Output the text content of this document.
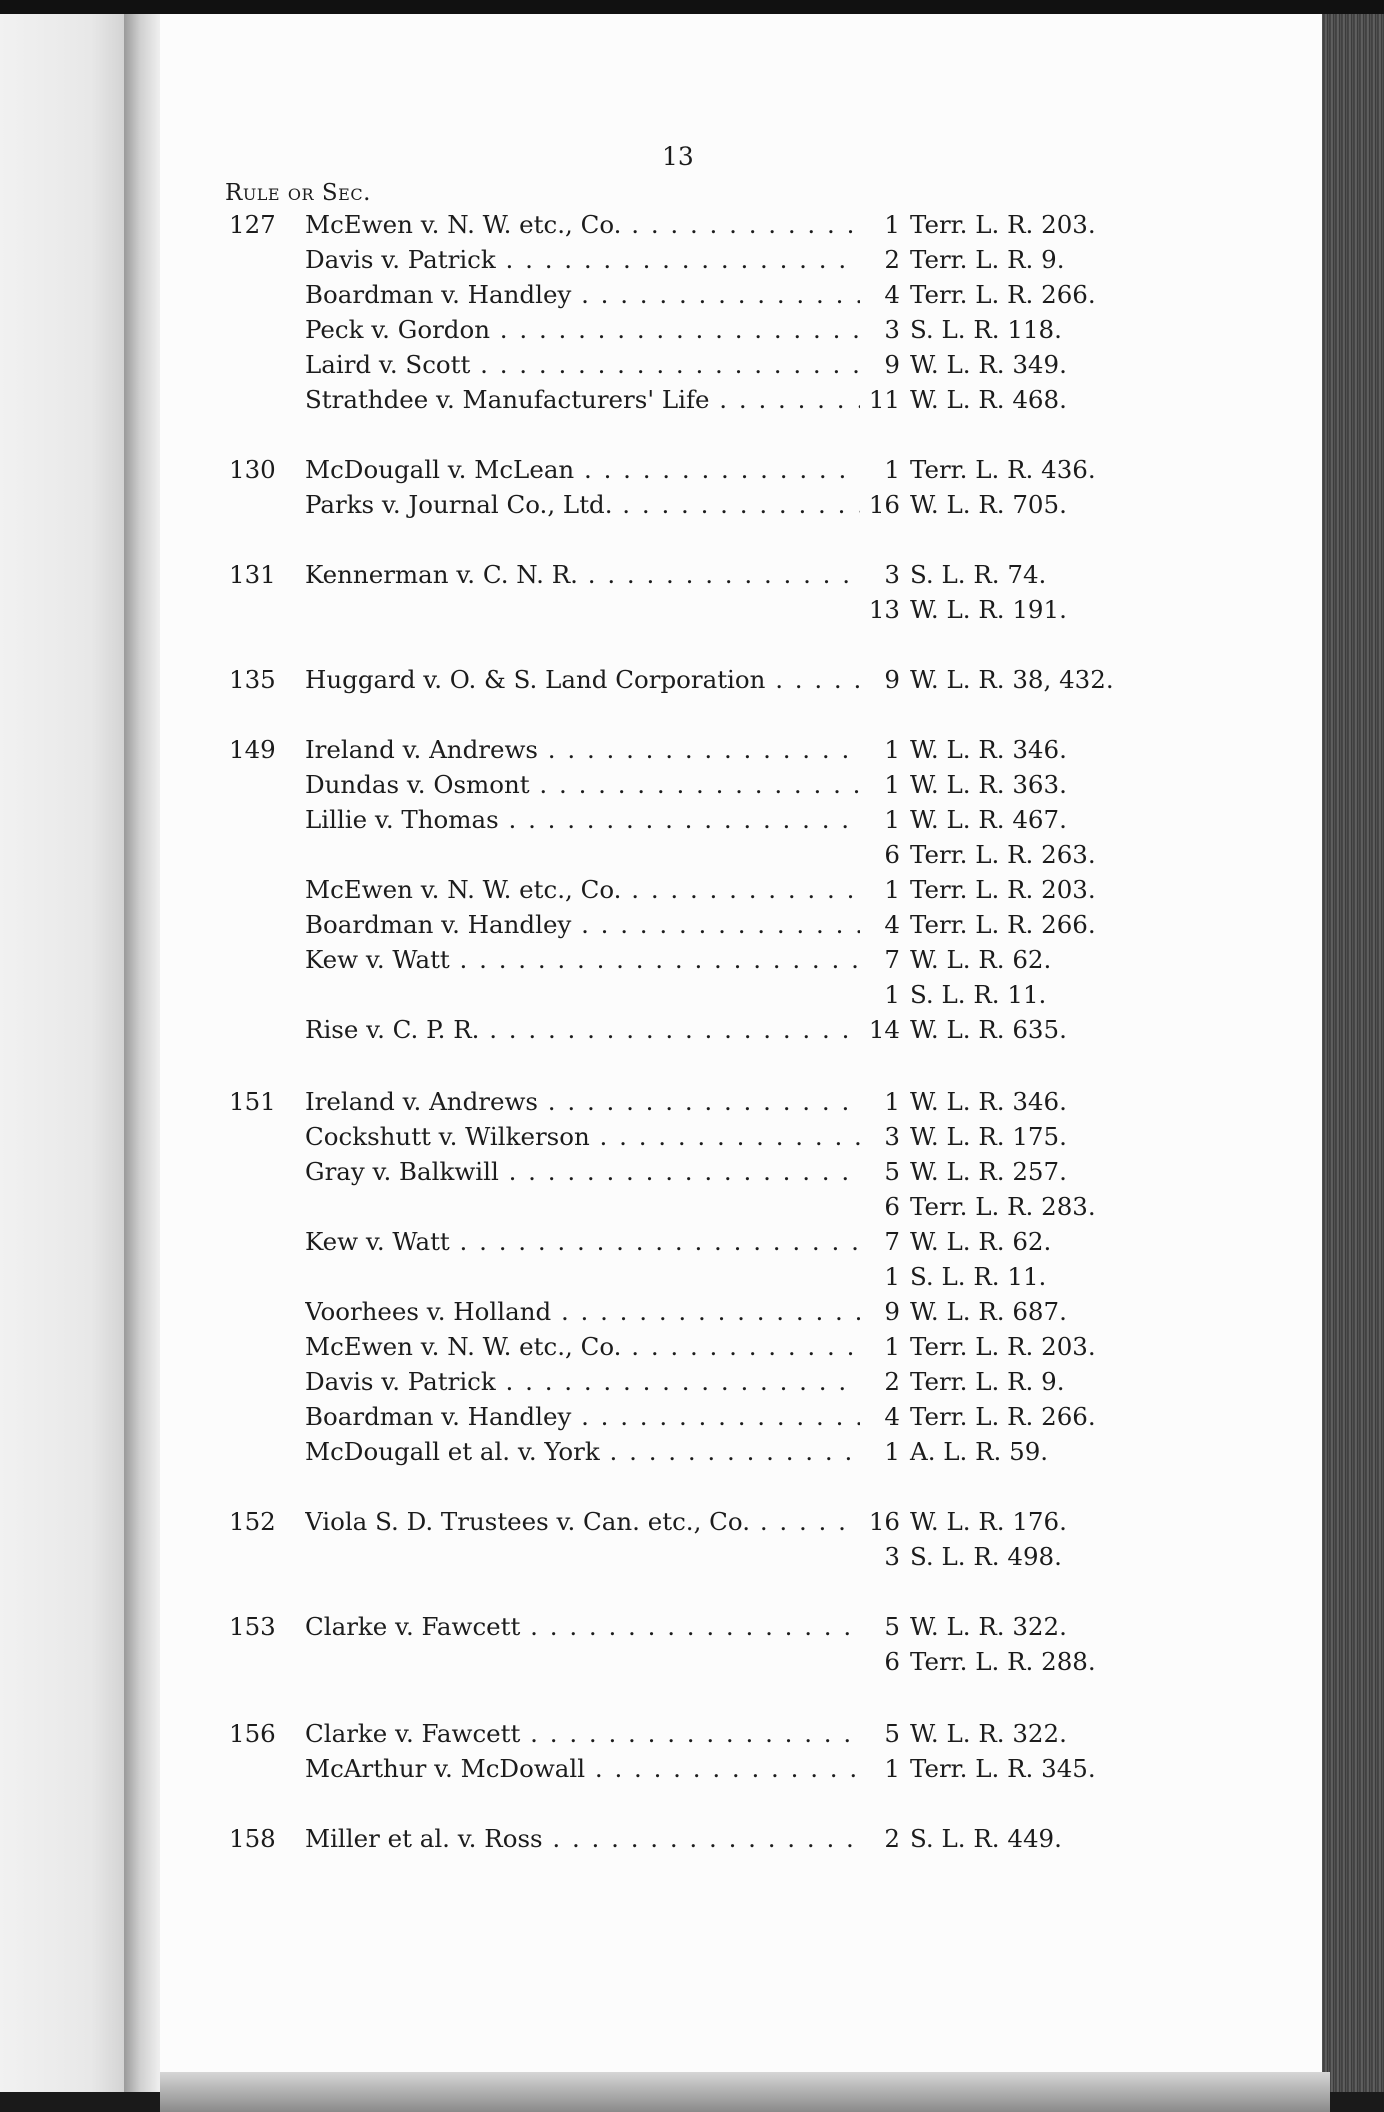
13
Rule or Sec.
127	McEwen v. N. W. etc., Co. . . .	1 Terr. L. R. 203.
Davis v. Patrick . . .	2 Terr. L. R. 9.
Boardman v. Handley . . .	4 Terr. L. R. 266.
Peck v. Gordon . . .	3 S. L. R. 118.
Laird v. Scott . . .	9 W. L. R. 349.
Strathdee v. Manufacturers' Life . . .	11 W. L. R. 468.
130	McDougall v. McLean . . .	1 Terr. L. R. 436.
Parks v. Journal Co., Ltd. . . .	16 W. L. R. 705.
131	Kennerman v. C. N. R. . . .	3 S. L. R. 74.
13 W. L. R. 191.
135	Huggard v. O. & S. Land Corporation . . .	9 W. L. R. 38, 432.
149	Ireland v. Andrews . . .	1 W. L. R. 346.
Dundas v. Osmont . . .	1 W. L. R. 363.
Lillie v. Thomas . . .	1 W. L. R. 467.
6 Terr. L. R. 263.
McEwen v. N. W. etc., Co. . . .	1 Terr. L. R. 203.
Boardman v. Handley . . .	4 Terr. L. R. 266.
Kew v. Watt . . .	7 W. L. R. 62.
1 S. L. R. 11.
Rise v. C. P. R. . . .	14 W. L. R. 635.
151	Ireland v. Andrews . . .	1 W. L. R. 346.
Cockshutt v. Wilkerson . . .	3 W. L. R. 175.
Gray v. Balkwill . . .	5 W. L. R. 257.
6 Terr. L. R. 283.
Kew v. Watt . . .	7 W. L. R. 62.
1 S. L. R. 11.
Voorhees v. Holland . . .	9 W. L. R. 687.
McEwen v. N. W. etc., Co. . . .	1 Terr. L. R. 203.
Davis v. Patrick . . .	2 Terr. L. R. 9.
Boardman v. Handley . . .	4 Terr. L. R. 266.
McDougall et al. v. York . . .	1 A. L. R. 59.
152	Viola S. D. Trustees v. Can. etc., Co. . . .	16 W. L. R. 176.
3 S. L. R. 498.
153	Clarke v. Fawcett . . .	5 W. L. R. 322.
6 Terr. L. R. 288.
156	Clarke v. Fawcett . . .	5 W. L. R. 322.
McArthur v. McDowall . . .	1 Terr. L. R. 345.
158	Miller et al. v. Ross . . .	2 S. L. R. 449.
